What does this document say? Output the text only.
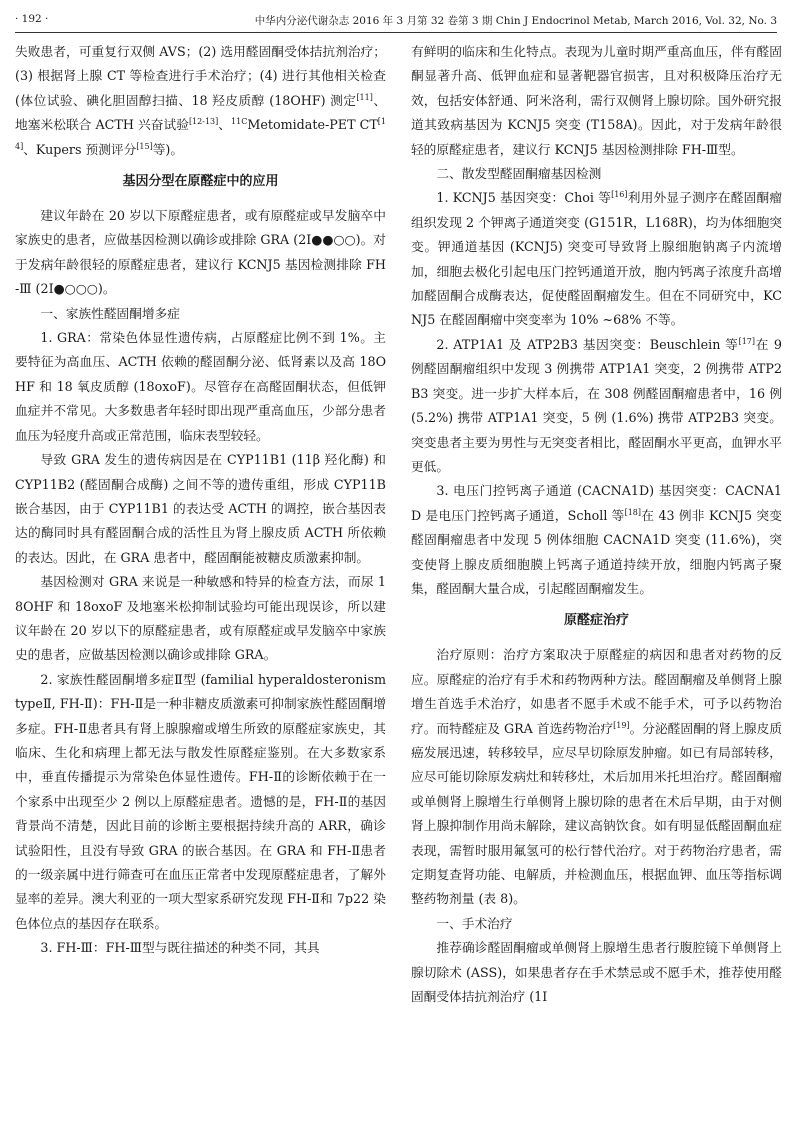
· 192 ·	中华内分泌代谢杂志 2016 年 3 月第 32 卷第 3 期 Chin J Endocrinol Metab, March 2016, Vol. 32, No. 3

失败患者，可重复行双侧 AVS；(2) 选用醛固酮受体拮抗剂治疗；(3) 根据肾上腺 CT 等检查进行手术治疗；(4) 进行其他相关检查 (体位试验、碘化胆固醇扫描、18 羟皮质醇 (18OHF) 测定[11]、地塞米松联合 ACTH 兴奋试验[12-13]、$^{11C}$Metomidate-PET CT[14]、Kupers 预测评分[15]等)。

基因分型在原醛症中的应用

建议年龄在 20 岁以下原醛症患者，或有原醛症或早发脑卒中家族史的患者，应做基因检测以确诊或排除 GRA (2Ⅰ●●○○)。对于发病年龄很轻的原醛症患者，建议行 KCNJ5 基因检测排除 FH-Ⅲ (2Ⅰ●○○○)。

一、家族性醛固酮增多症

1. GRA：常染色体显性遗传病，占原醛症比例不到 1%。主要特征为高血压、ACTH 依赖的醛固酮分泌、低肾素以及高 18OHF 和 18 氧皮质醇 (18oxoF)。尽管存在高醛固酮状态，但低钾血症并不常见。大多数患者年轻时即出现严重高血压，少部分患者血压为轻度升高或正常范围，临床表型较轻。

导致 GRA 发生的遗传病因是在 CYP11B1 (11β 羟化酶) 和 CYP11B2 (醛固酮合成酶) 之间不等的遗传重组，形成 CYP11B 嵌合基因，由于 CYP11B1 的表达受 ACTH 的调控，嵌合基因表达的酶同时具有醛固酮合成的活性且为肾上腺皮质 ACTH 所依赖的表达。因此，在 GRA 患者中，醛固酮能被糖皮质激素抑制。

基因检测对 GRA 来说是一种敏感和特异的检查方法，而尿 18OHF 和 18oxoF 及地塞米松抑制试验均可能出现误诊，所以建议年龄在 20 岁以下的原醛症患者，或有原醛症或早发脑卒中家族史的患者，应做基因检测以确诊或排除 GRA。

2. 家族性醛固酮增多症Ⅱ型 (familial hyperaldosteronism typeⅡ, FH-Ⅱ)：FH-Ⅱ是一种非糖皮质激素可抑制家族性醛固酮增多症。FH-Ⅱ患者具有肾上腺腺瘤或增生所致的原醛症家族史，其临床、生化和病理上都无法与散发性原醛症鉴别。在大多数家系中，垂直传播提示为常染色体显性遗传。FH-Ⅱ的诊断依赖于在一个家系中出现至少 2 例以上原醛症患者。遗憾的是，FH-Ⅱ的基因背景尚不清楚，因此目前的诊断主要根据持续升高的 ARR，确诊试验阳性，且没有导致 GRA 的嵌合基因。在 GRA 和 FH-Ⅱ患者的一级亲属中进行筛查可在血压正常者中发现原醛症患者，了解外显率的差异。澳大利亚的一项大型家系研究发现 FH-Ⅱ和 7p22 染色体位点的基因存在联系。

3. FH-Ⅲ：FH-Ⅲ型与既往描述的种类不同，其具

有鲜明的临床和生化特点。表现为儿童时期严重高血压，伴有醛固酮显著升高、低钾血症和显著靶器官损害，且对积极降压治疗无效，包括安体舒通、阿米洛利，需行双侧肾上腺切除。国外研究报道其致病基因为 KCNJ5 突变 (T158A)。因此，对于发病年龄很轻的原醛症患者，建议行 KCNJ5 基因检测排除 FH-Ⅲ型。

二、散发型醛固酮瘤基因检测

1. KCNJ5 基因突变：Choi 等[16]利用外显子测序在醛固酮瘤组织发现 2 个钾离子通道突变 (G151R，L168R)，均为体细胞突变。钾通道基因 (KCNJ5) 突变可导致肾上腺细胞钠离子内流增加，细胞去极化引起电压门控钙通道开放，胞内钙离子浓度升高增加醛固酮合成酶表达，促使醛固酮瘤发生。但在不同研究中，KCNJ5 在醛固酮瘤中突变率为 10% ~68% 不等。

2. ATP1A1 及 ATP2B3 基因突变：Beuschlein 等[17]在 9 例醛固酮瘤组织中发现 3 例携带 ATP1A1 突变，2 例携带 ATP2B3 突变。进一步扩大样本后，在 308 例醛固酮瘤患者中，16 例 (5.2%) 携带 ATP1A1 突变，5 例 (1.6%) 携带 ATP2B3 突变。突变患者主要为男性与无突变者相比，醛固酮水平更高，血钾水平更低。

3. 电压门控钙离子通道 (CACNA1D) 基因突变：CACNA1D 是电压门控钙离子通道，Scholl 等[18]在 43 例非 KCNJ5 突变醛固酮瘤患者中发现 5 例体细胞 CACNA1D 突变 (11.6%)，突变使肾上腺皮质细胞膜上钙离子通道持续开放，细胞内钙离子聚集，醛固酮大量合成，引起醛固酮瘤发生。

原醛症治疗

治疗原则：治疗方案取决于原醛症的病因和患者对药物的反应。原醛症的治疗有手术和药物两种方法。醛固酮瘤及单侧肾上腺增生首选手术治疗，如患者不愿手术或不能手术，可予以药物治疗。而特醛症及 GRA 首选药物治疗[19]。分泌醛固酮的肾上腺皮质癌发展迅速，转移较早，应尽早切除原发肿瘤。如已有局部转移，应尽可能切除原发病灶和转移灶，术后加用米托坦治疗。醛固酮瘤或单侧肾上腺增生行单侧肾上腺切除的患者在术后早期，由于对侧肾上腺抑制作用尚未解除，建议高钠饮食。如有明显低醛固酮血症表现，需暂时服用氟氢可的松行替代治疗。对于药物治疗患者，需定期复查肾功能、电解质，并检测血压，根据血钾、血压等指标调整药物剂量 (表 8)。

一、手术治疗

推荐确诊醛固酮瘤或单侧肾上腺增生患者行腹腔镜下单侧肾上腺切除术 (ASS)，如果患者存在手术禁忌或不愿手术，推荐使用醛固酮受体拮抗剂治疗 (1Ⅰ
